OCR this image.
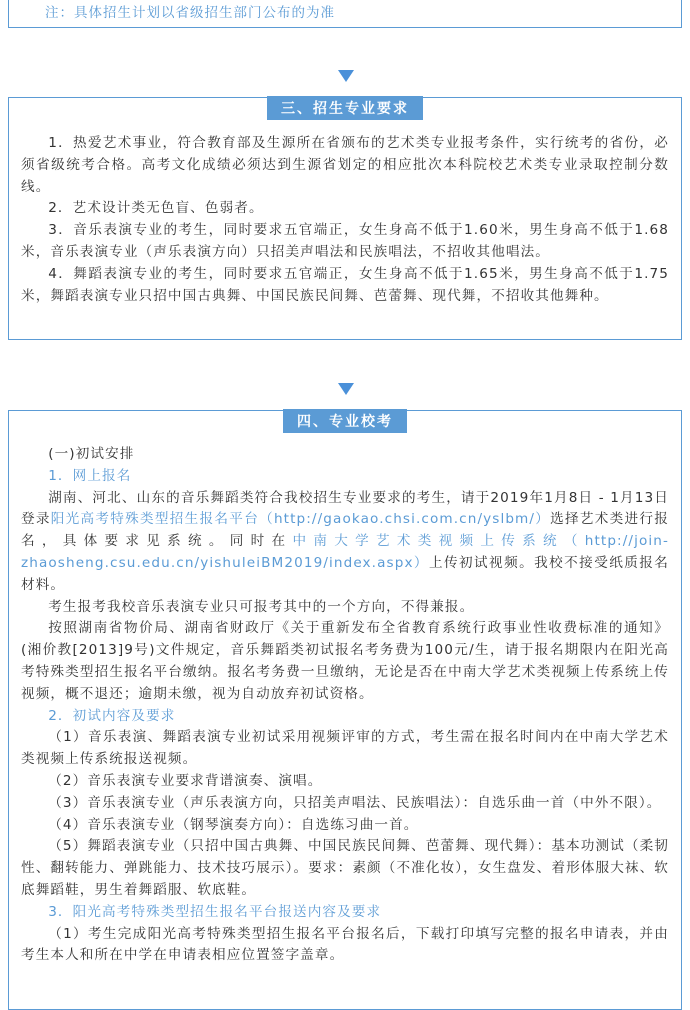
注：具体招生计划以省级招生部门公布的为准
三、招生专业要求

1．热爱艺术事业，符合教育部及生源所在省颁布的艺术类专业报考条件，实行统考的省份，必须省级统考合格。高考文化成绩必须达到生源省划定的相应批次本科院校艺术类专业录取控制分数线。

2．艺术设计类无色盲、色弱者。

3．音乐表演专业的考生，同时要求五官端正，女生身高不低于1.60米，男生身高不低于1.68米，音乐表演专业（声乐表演方向）只招美声唱法和民族唱法，不招收其他唱法。

4．舞蹈表演专业的考生，同时要求五官端正，女生身高不低于1.65米，男生身高不低于1.75米，舞蹈表演专业只招中国古典舞、中国民族民间舞、芭蕾舞、现代舞，不招收其他舞种。

四、专业校考

(一)初试安排

1．网上报名

湖南、河北、山东的音乐舞蹈类符合我校招生专业要求的考生，请于2019年1月8日 - 1月13日登录阳光高考特殊类型招生报名平台（http://gaokao.chsi.com.cn/yslbm/）选择艺术类进行报名，具体要求见系统。同时在中南大学艺术类视频上传系统（http://join-zhaosheng.csu.edu.cn/yishuleiBM2019/index.aspx）上传初试视频。我校不接受纸质报名材料。

考生报考我校音乐表演专业只可报考其中的一个方向，不得兼报。

按照湖南省物价局、湖南省财政厅《关于重新发布全省教育系统行政事业性收费标准的通知》(湘价教[2013]9号)文件规定，音乐舞蹈类初试报名考务费为100元/生，请于报名期限内在阳光高考特殊类型招生报名平台缴纳。报名考务费一旦缴纳，无论是否在中南大学艺术类视频上传系统上传视频，概不退还；逾期未缴，视为自动放弃初试资格。

2．初试内容及要求

（1）音乐表演、舞蹈表演专业初试采用视频评审的方式，考生需在报名时间内在中南大学艺术类视频上传系统报送视频。

（2）音乐表演专业要求背谱演奏、演唱。

（3）音乐表演专业（声乐表演方向，只招美声唱法、民族唱法）：自选乐曲一首（中外不限）。

（4）音乐表演专业（钢琴演奏方向）：自选练习曲一首。

（5）舞蹈表演专业（只招中国古典舞、中国民族民间舞、芭蕾舞、现代舞）：基本功测试（柔韧性、翻转能力、弹跳能力、技术技巧展示）。要求：素颜（不准化妆），女生盘发、着形体服大袜、软底舞蹈鞋，男生着舞蹈服、软底鞋。

3．阳光高考特殊类型招生报名平台报送内容及要求

（1）考生完成阳光高考特殊类型招生报名平台报名后，下载打印填写完整的报名申请表，并由考生本人和所在中学在申请表相应位置签字盖章。
